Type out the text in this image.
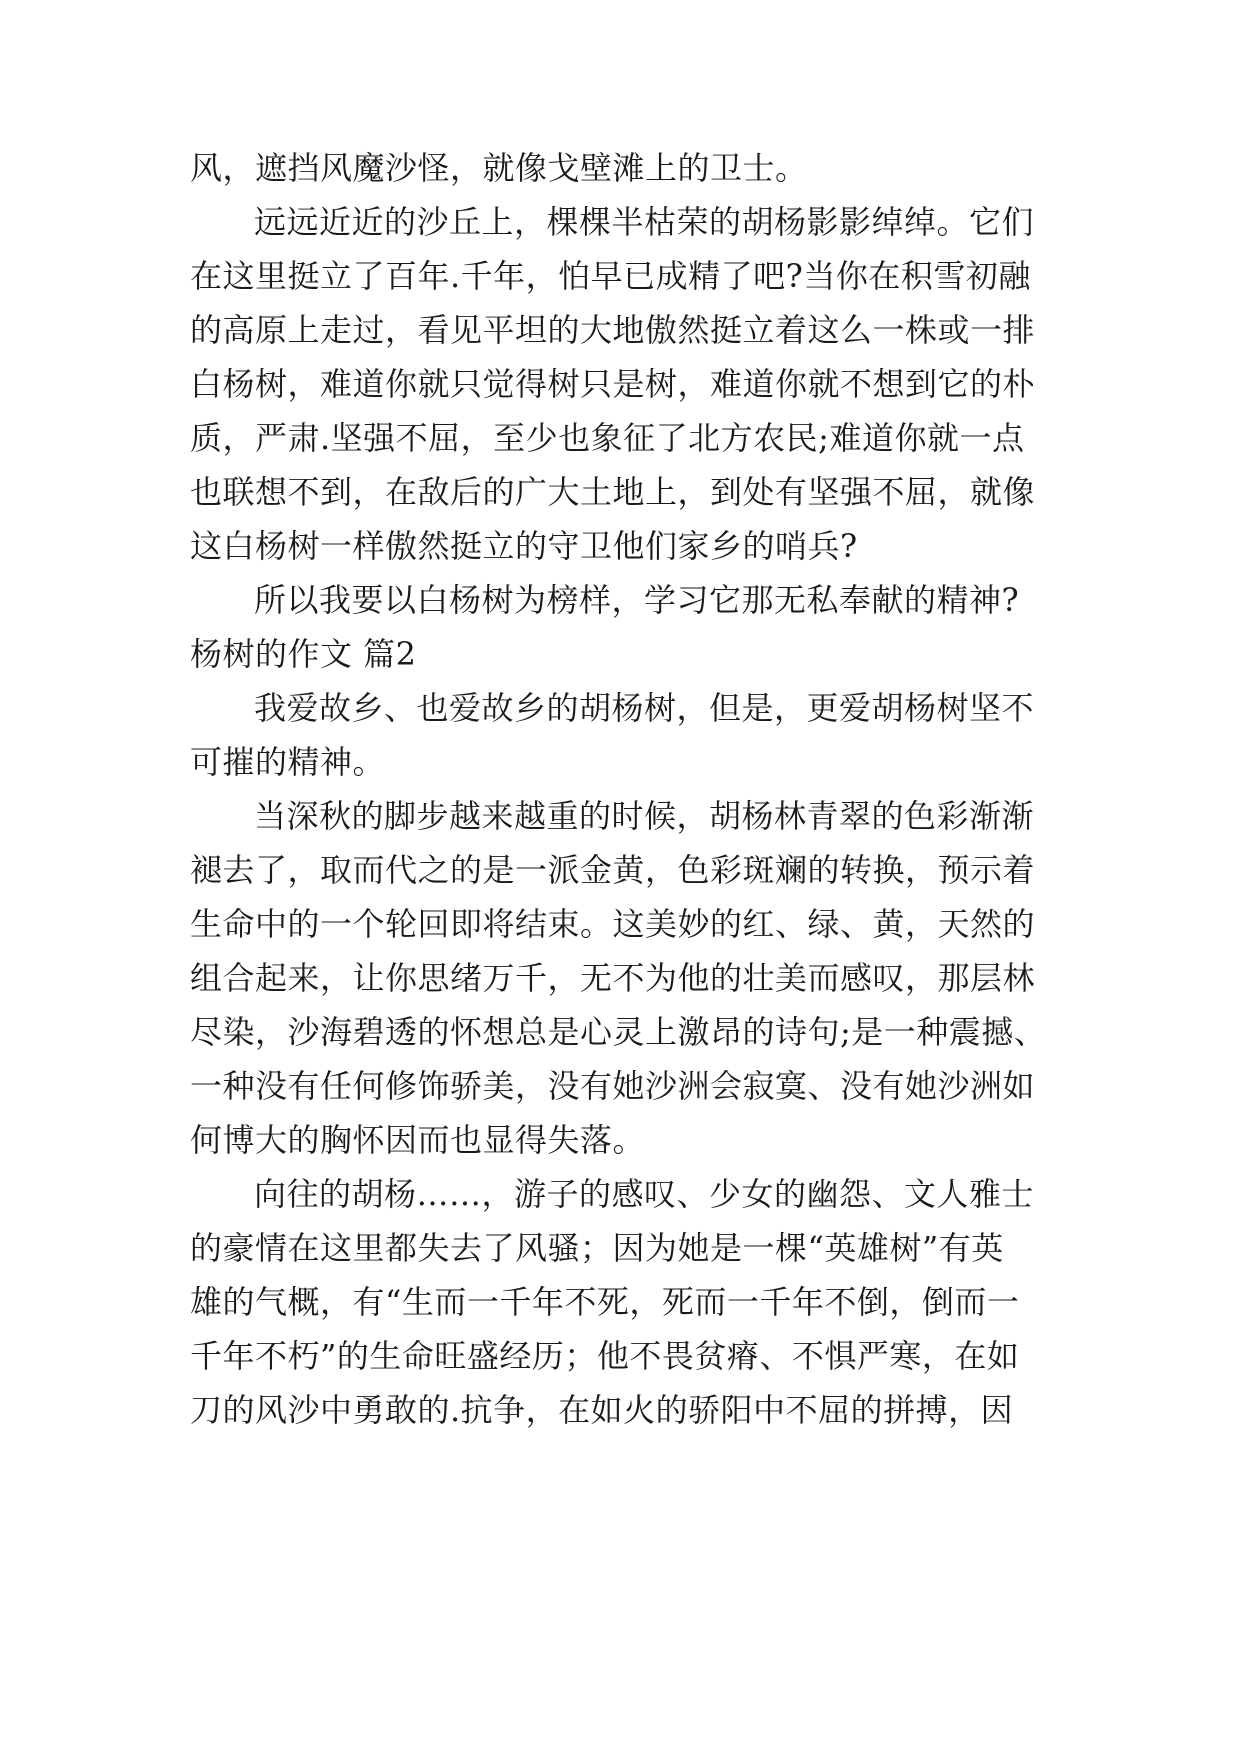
风，遮挡风魔沙怪，就像戈壁滩上的卫士。
远远近近的沙丘上，棵棵半枯荣的胡杨影影绰绰。它们
在这里挺立了百年.千年，怕早已成精了吧?当你在积雪初融
的高原上走过，看见平坦的大地傲然挺立着这么一株或一排
白杨树，难道你就只觉得树只是树，难道你就不想到它的朴
质，严肃.坚强不屈，至少也象征了北方农民;难道你就一点
也联想不到，在敌后的广大土地上，到处有坚强不屈，就像
这白杨树一样傲然挺立的守卫他们家乡的哨兵?
所以我要以白杨树为榜样，学习它那无私奉献的精神?
杨树的作文 篇2
我爱故乡、也爱故乡的胡杨树，但是，更爱胡杨树坚不
可摧的精神。
当深秋的脚步越来越重的时候，胡杨林青翠的色彩渐渐
褪去了，取而代之的是一派金黄，色彩斑斓的转换，预示着
生命中的一个轮回即将结束。这美妙的红、绿、黄，天然的
组合起来，让你思绪万千，无不为他的壮美而感叹，那层林
尽染，沙海碧透的怀想总是心灵上激昂的诗句;是一种震撼、
一种没有任何修饰骄美，没有她沙洲会寂寞、没有她沙洲如
何博大的胸怀因而也显得失落。
向往的胡杨……，游子的感叹、少女的幽怨、文人雅士
的豪情在这里都失去了风骚；因为她是一棵“英雄树”有英
雄的气概，有“生而一千年不死，死而一千年不倒，倒而一
千年不朽”的生命旺盛经历；他不畏贫瘠、不惧严寒，在如
刀的风沙中勇敢的.抗争，在如火的骄阳中不屈的拼搏，因
